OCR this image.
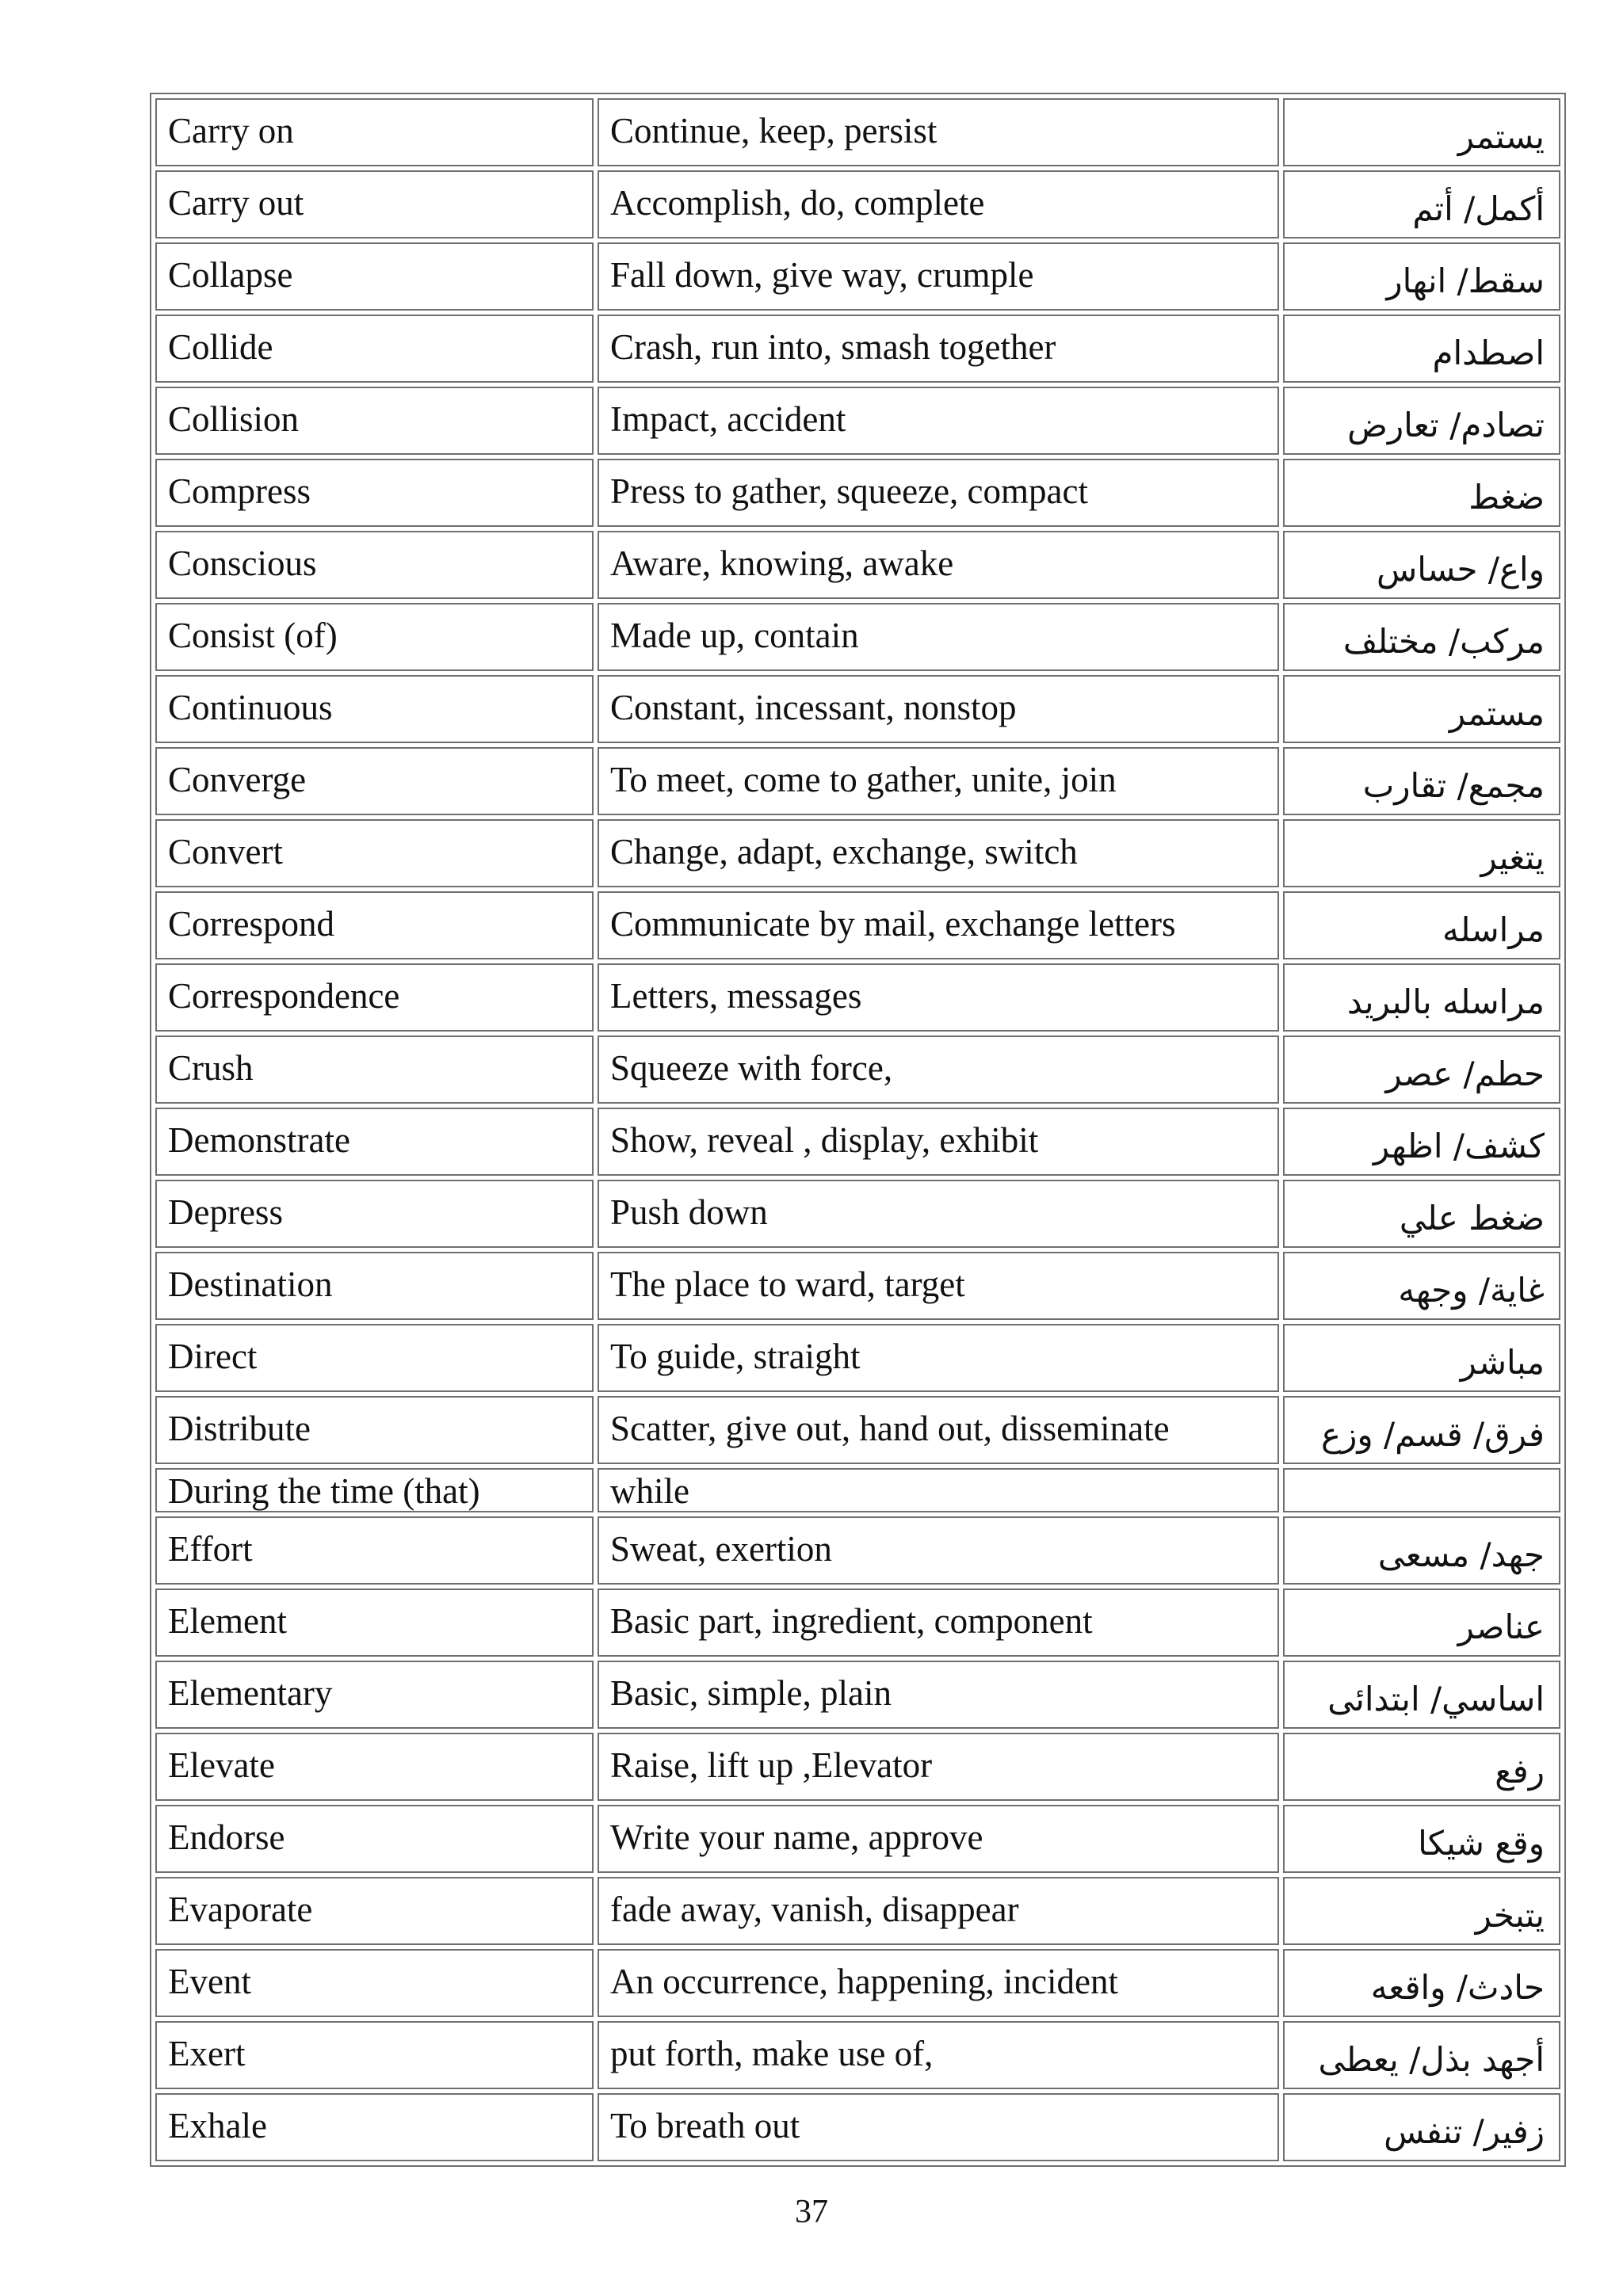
Carry on	Continue, keep, persist	يستمر
Carry out	Accomplish, do, complete	أكمل/ أتم
Collapse	Fall down, give way, crumple	سقط/ انهار
Collide	Crash, run into, smash together	اصطدام
Collision	Impact, accident	تصادم/ تعارض
Compress	Press to gather, squeeze, compact	ضغط
Conscious	Aware, knowing, awake	واع/ حساس
Consist (of)	Made up, contain	مركب/ مختلف
Continuous	Constant, incessant, nonstop	مستمر
Converge	To meet, come to gather, unite, join	مجمع/ تقارب
Convert	Change, adapt, exchange, switch	يتغير
Correspond	Communicate by mail, exchange letters	مراسله
Correspondence	Letters, messages	مراسله بالبريد
Crush	Squeeze with force,	حطم/ عصر
Demonstrate	Show, reveal , display, exhibit	كشف/ اظهر
Depress	Push down	ضغط علي
Destination	The place to ward, target	غاية/ وجهه
Direct	To guide, straight	مباشر
Distribute	Scatter, give out, hand out, disseminate	فرق/ قسم/ وزع
During the time (that)	while	
Effort	Sweat, exertion	جهد/ مسعى
Element	Basic part, ingredient, component	عناصر
Elementary	Basic, simple, plain	اساسي/ ابتدائى
Elevate	Raise, lift up ,Elevator	رفع
Endorse	Write your name, approve	وقع شيكا
Evaporate	fade away, vanish, disappear	يتبخر
Event	An occurrence, happening, incident	حادث/ واقعه
Exert	put forth, make use of,	أجهد بذل/ يعطى
Exhale	To breath out	زفير/ تنفس
37
